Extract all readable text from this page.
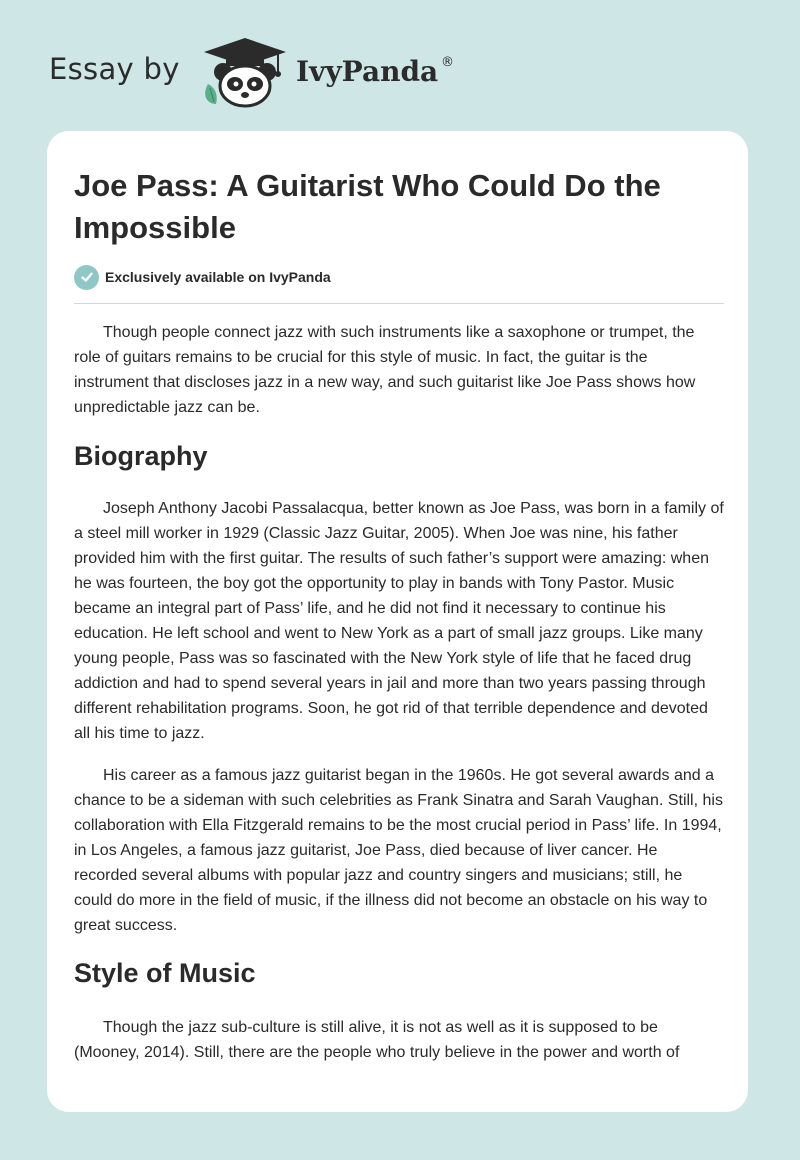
Essay by	IvyPanda ®
Joe Pass: A Guitarist Who Could Do the Impossible
Exclusively available on IvyPanda

Though people connect jazz with such instruments like a saxophone or trumpet, the role of guitars remains to be crucial for this style of music. In fact, the guitar is the instrument that discloses jazz in a new way, and such guitarist like Joe Pass shows how unpredictable jazz can be.

Biography

Joseph Anthony Jacobi Passalacqua, better known as Joe Pass, was born in a family of a steel mill worker in 1929 (Classic Jazz Guitar, 2005). When Joe was nine, his father provided him with the first guitar. The results of such father’s support were amazing: when he was fourteen, the boy got the opportunity to play in bands with Tony Pastor. Music became an integral part of Pass’ life, and he did not find it necessary to continue his education. He left school and went to New York as a part of small jazz groups. Like many young people, Pass was so fascinated with the New York style of life that he faced drug addiction and had to spend several years in jail and more than two years passing through different rehabilitation programs. Soon, he got rid of that terrible dependence and devoted all his time to jazz.

His career as a famous jazz guitarist began in the 1960s. He got several awards and a chance to be a sideman with such celebrities as Frank Sinatra and Sarah Vaughan. Still, his collaboration with Ella Fitzgerald remains to be the most crucial period in Pass’ life. In 1994, in Los Angeles, a famous jazz guitarist, Joe Pass, died because of liver cancer. He recorded several albums with popular jazz and country singers and musicians; still, he could do more in the field of music, if the illness did not become an obstacle on his way to great success.

Style of Music

Though the jazz sub-culture is still alive, it is not as well as it is supposed to be (Mooney, 2014). Still, there are the people who truly believe in the power and worth of
